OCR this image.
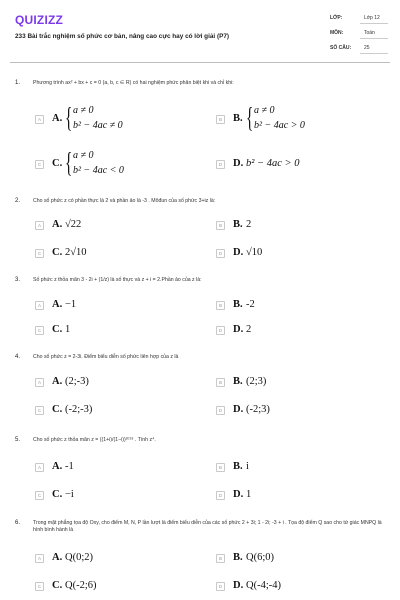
QUIZIZZ
233 Bài trắc nghiệm số phức cơ bản, nâng cao cực hay có lời giải (P7)
LỚP:	Lớp 12
MÔN:	Toán
SỐ CÂU:	25
1. Phương trình ax² + bx + c = 0 (a, b, c ∈ R) có hai nghiệm phức phân biệt khi và chỉ khi:
A A. { a ≠ 0
b² − 4ac ≠ 0
B B. { a ≠ 0
b² − 4ac > 0
C C. { a ≠ 0
b² − 4ac < 0
D D. b² − 4ac > 0
2. Cho số phức z có phần thực là 2 và phần ảo là -3 . Môđun của số phức 3+iz là:
A A. √22	B B. 2
C C. 2√10	D D. √10
3. Số phức z thỏa mãn 3 - 2i + (1/z) là số thực và z + i = 2.Phần ảo của z là:
A A. −1	B B. -2
C C. 1	D D. 2
4. Cho số phức z = 2-3i. Điểm biểu diễn số phức liên hợp của z là
A A. (2;-3)	B B. (2;3)
C C. (-2;-3)	D D. (-2;3)
5. Cho số phức z thỏa mãn z = ((1+i)/(1−i))²⁰¹⁹ . Tính z⁴.
A A. -1	B B. i
C C. −i	D D. 1
6. Trong mặt phẳng tọa độ Oxy, cho điểm M, N, P lần lượt là điểm biểu diễn của các số phức 2 + 3i; 1 - 2i; -3 + i . Tọa độ điểm Q sao cho tứ giác MNPQ là hình bình hành là
A A. Q(0;2)	B B. Q(6;0)
C C. Q(-2;6)	D D. Q(-4;-4)
